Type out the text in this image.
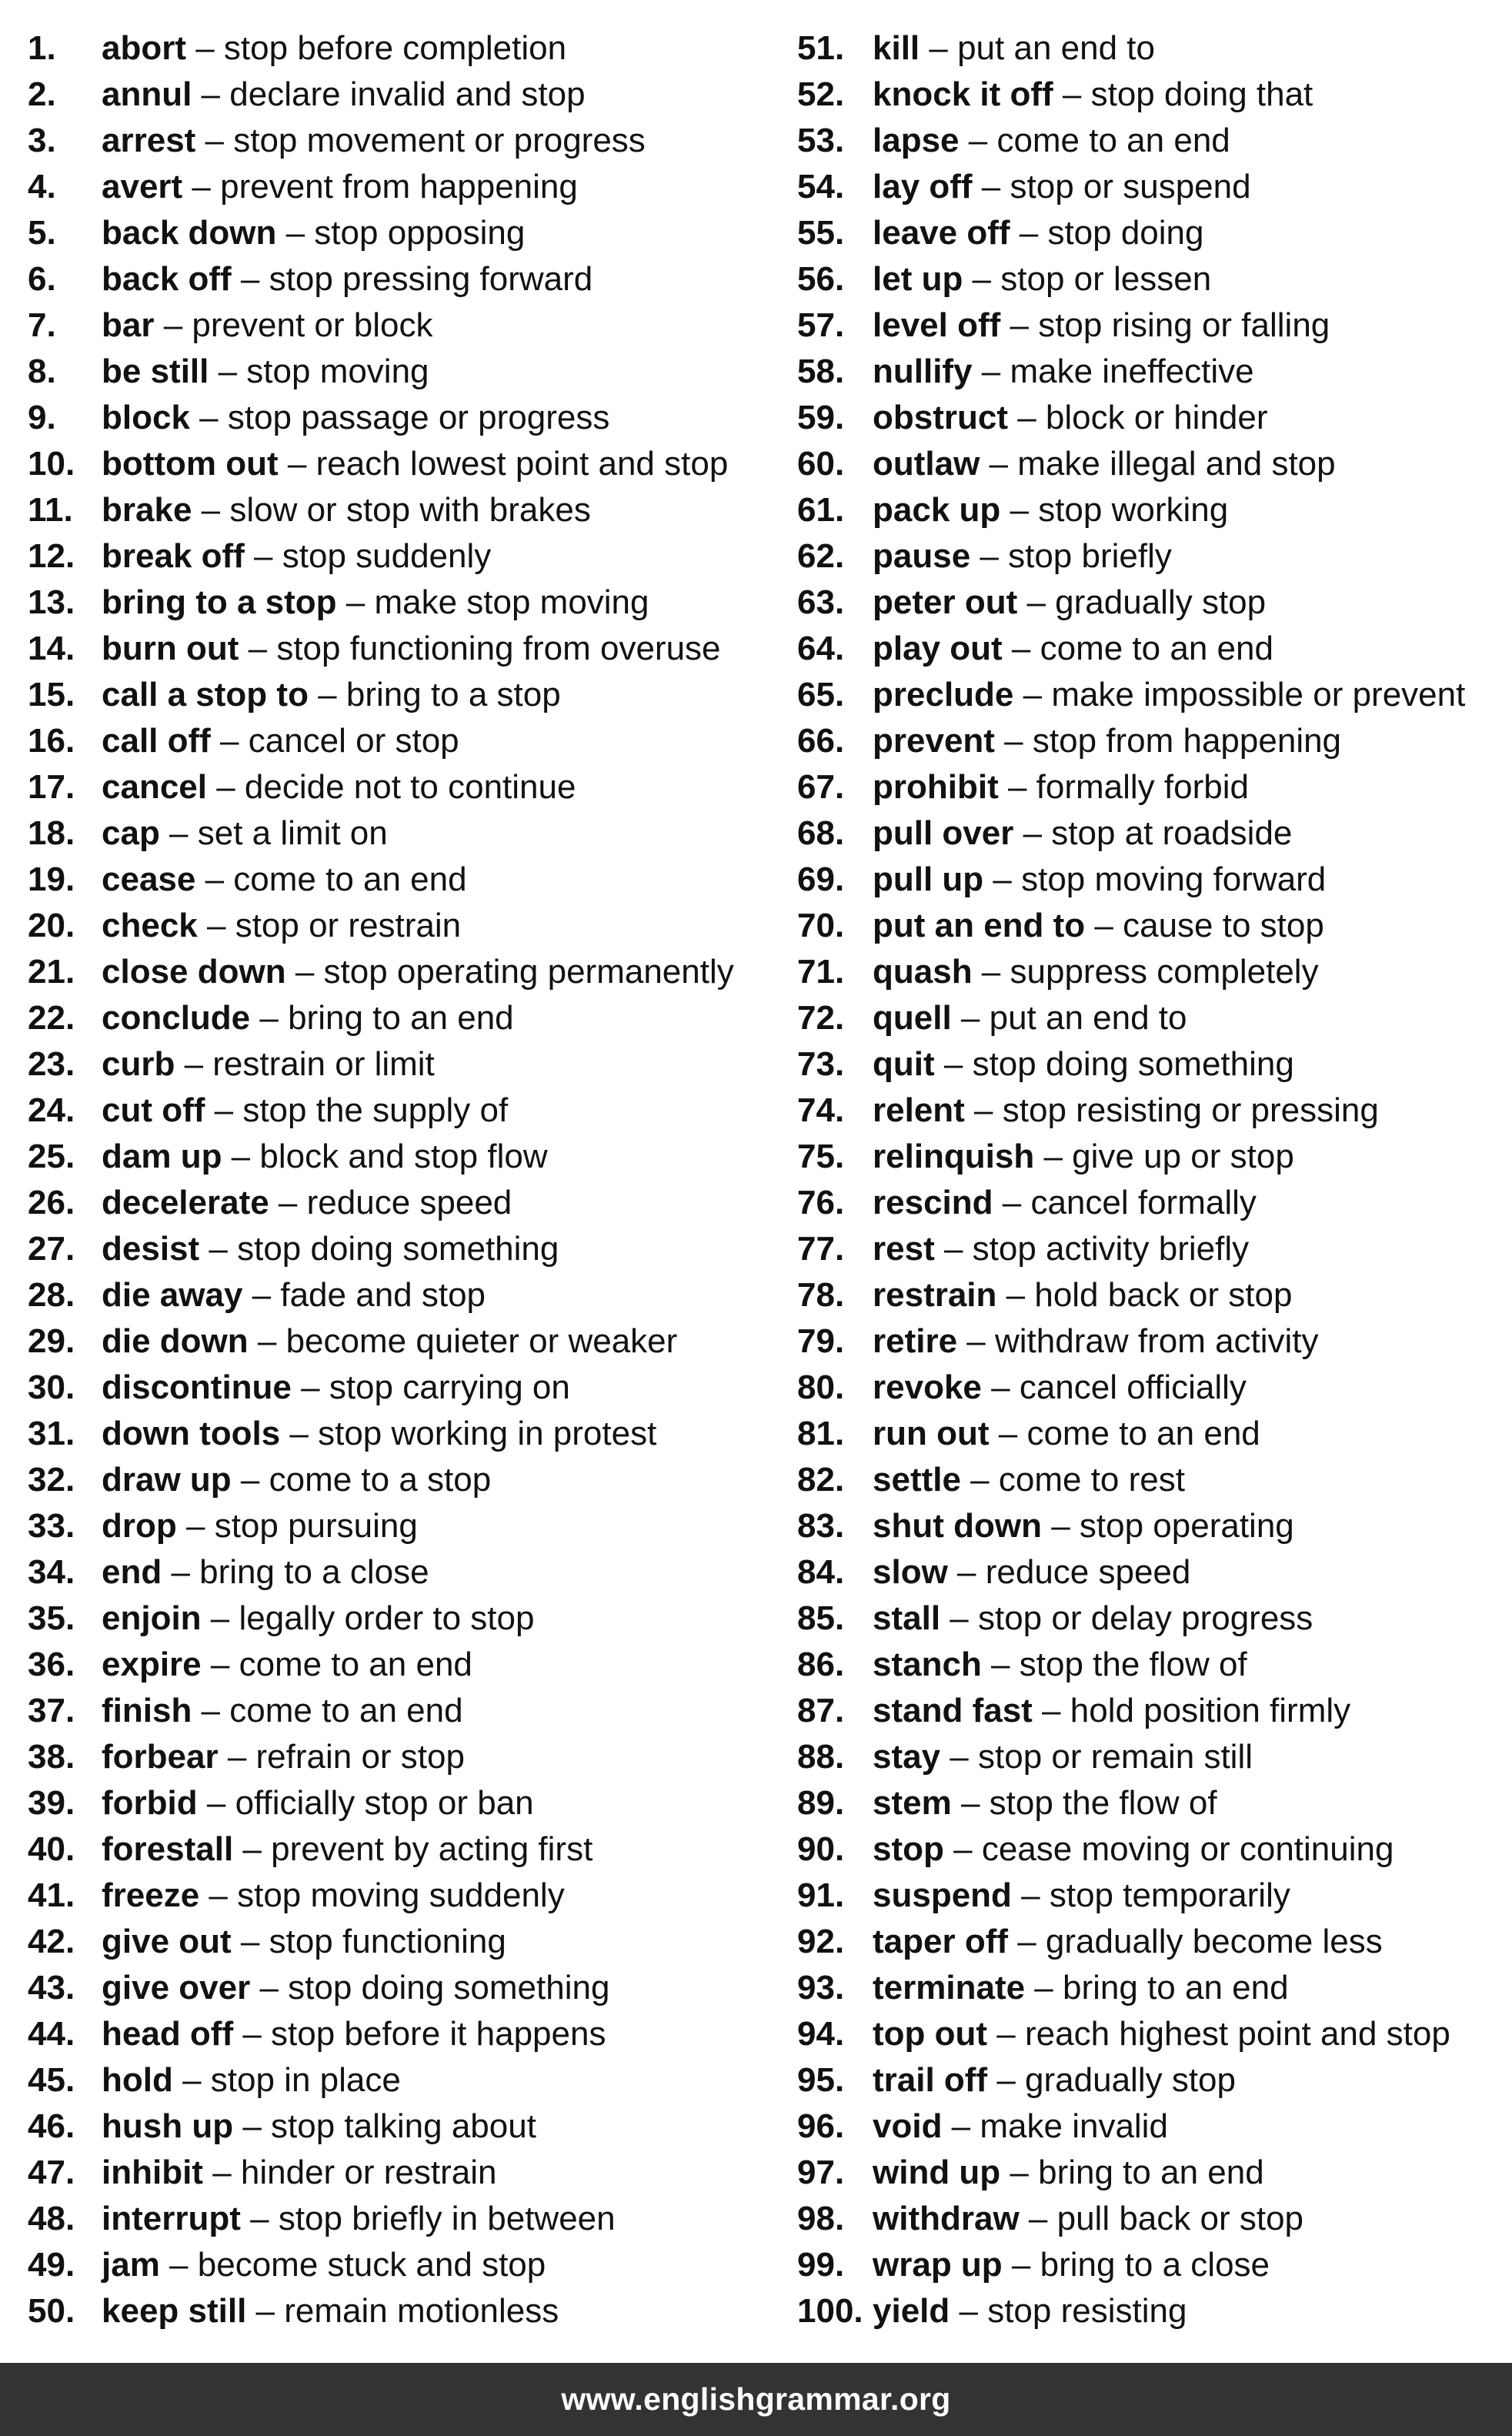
1. abort – stop before completion
2. annul – declare invalid and stop
3. arrest – stop movement or progress
4. avert – prevent from happening
5. back down – stop opposing
6. back off – stop pressing forward
7. bar – prevent or block
8. be still – stop moving
9. block – stop passage or progress
10. bottom out – reach lowest point and stop
11. brake – slow or stop with brakes
12. break off – stop suddenly
13. bring to a stop – make stop moving
14. burn out – stop functioning from overuse
15. call a stop to – bring to a stop
16. call off – cancel or stop
17. cancel – decide not to continue
18. cap – set a limit on
19. cease – come to an end
20. check – stop or restrain
21. close down – stop operating permanently
22. conclude – bring to an end
23. curb – restrain or limit
24. cut off – stop the supply of
25. dam up – block and stop flow
26. decelerate – reduce speed
27. desist – stop doing something
28. die away – fade and stop
29. die down – become quieter or weaker
30. discontinue – stop carrying on
31. down tools – stop working in protest
32. draw up – come to a stop
33. drop – stop pursuing
34. end – bring to a close
35. enjoin – legally order to stop
36. expire – come to an end
37. finish – come to an end
38. forbear – refrain or stop
39. forbid – officially stop or ban
40. forestall – prevent by acting first
41. freeze – stop moving suddenly
42. give out – stop functioning
43. give over – stop doing something
44. head off – stop before it happens
45. hold – stop in place
46. hush up – stop talking about
47. inhibit – hinder or restrain
48. interrupt – stop briefly in between
49. jam – become stuck and stop
50. keep still – remain motionless
51. kill – put an end to
52. knock it off – stop doing that
53. lapse – come to an end
54. lay off – stop or suspend
55. leave off – stop doing
56. let up – stop or lessen
57. level off – stop rising or falling
58. nullify – make ineffective
59. obstruct – block or hinder
60. outlaw – make illegal and stop
61. pack up – stop working
62. pause – stop briefly
63. peter out – gradually stop
64. play out – come to an end
65. preclude – make impossible or prevent
66. prevent – stop from happening
67. prohibit – formally forbid
68. pull over – stop at roadside
69. pull up – stop moving forward
70. put an end to – cause to stop
71. quash – suppress completely
72. quell – put an end to
73. quit – stop doing something
74. relent – stop resisting or pressing
75. relinquish – give up or stop
76. rescind – cancel formally
77. rest – stop activity briefly
78. restrain – hold back or stop
79. retire – withdraw from activity
80. revoke – cancel officially
81. run out – come to an end
82. settle – come to rest
83. shut down – stop operating
84. slow – reduce speed
85. stall – stop or delay progress
86. stanch – stop the flow of
87. stand fast – hold position firmly
88. stay – stop or remain still
89. stem – stop the flow of
90. stop – cease moving or continuing
91. suspend – stop temporarily
92. taper off – gradually become less
93. terminate – bring to an end
94. top out – reach highest point and stop
95. trail off – gradually stop
96. void – make invalid
97. wind up – bring to an end
98. withdraw – pull back or stop
99. wrap up – bring to a close
100. yield – stop resisting
www.englishgrammar.org
